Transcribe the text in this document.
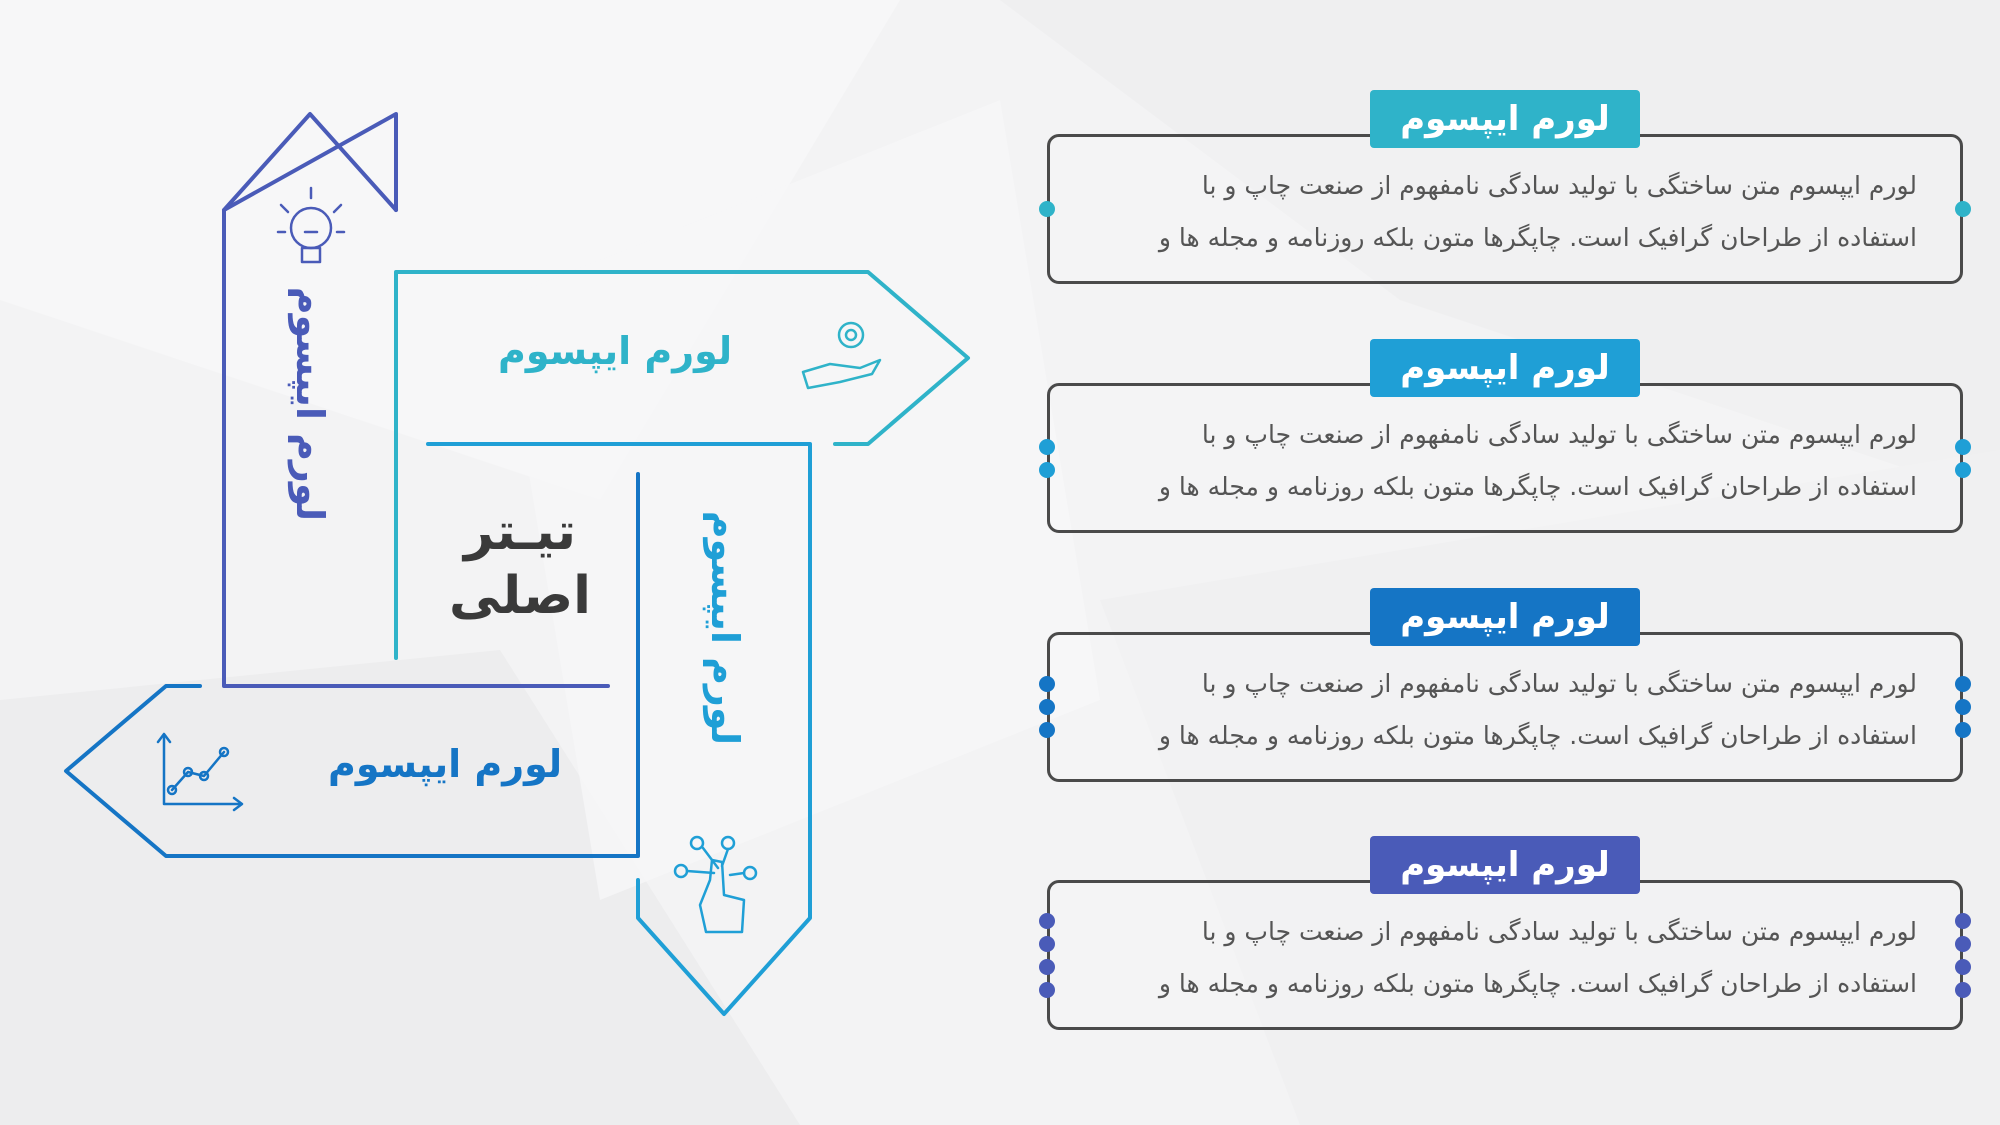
لورم ایپسوم	لورم ایپسوم
لورم ایپسوم
لورم ایپسوم
تیـتر
اصلی
لورم ایپسوم
لورم ایپسوم متن ساختگی با تولید سادگی نامفهوم از صنعت چاپ و با
استفاده از طراحان گرافیک است. چاپگرها متون بلکه روزنامه و مجله ها و
لورم ایپسوم
لورم ایپسوم متن ساختگی با تولید سادگی نامفهوم از صنعت چاپ و با
استفاده از طراحان گرافیک است. چاپگرها متون بلکه روزنامه و مجله ها و
لورم ایپسوم
لورم ایپسوم متن ساختگی با تولید سادگی نامفهوم از صنعت چاپ و با
استفاده از طراحان گرافیک است. چاپگرها متون بلکه روزنامه و مجله ها و
لورم ایپسوم
لورم ایپسوم متن ساختگی با تولید سادگی نامفهوم از صنعت چاپ و با
استفاده از طراحان گرافیک است. چاپگرها متون بلکه روزنامه و مجله ها و
